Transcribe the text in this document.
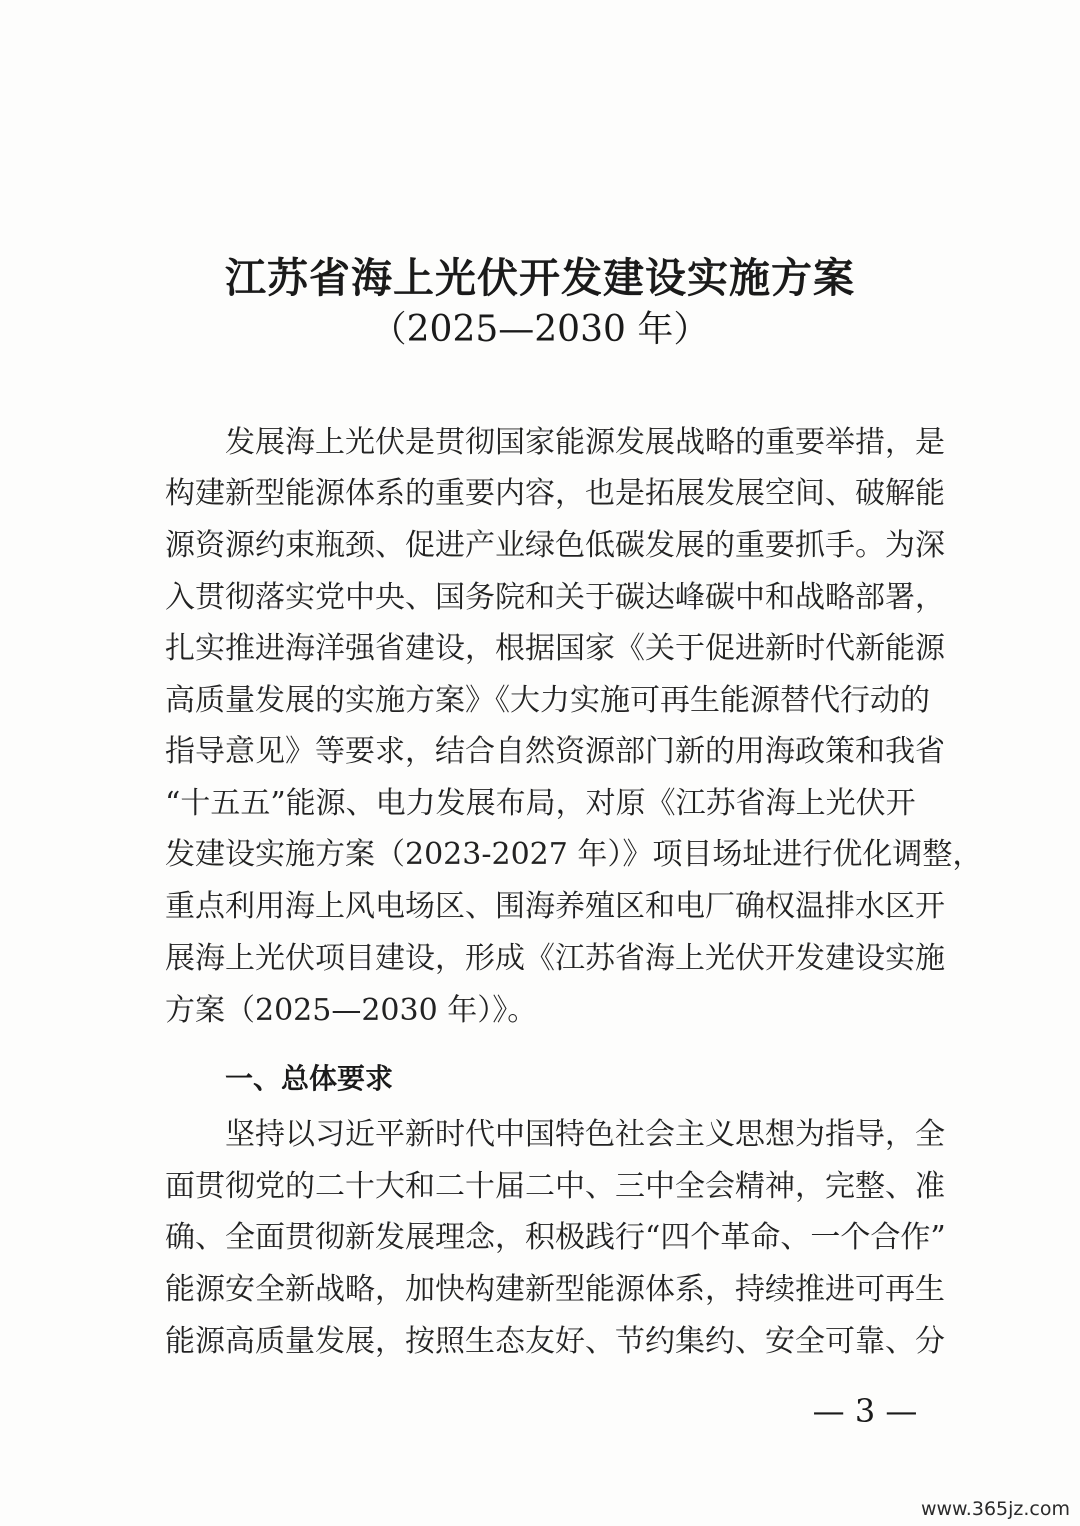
江苏省海上光伏开发建设实施方案
（2025—2030 年）
发展海上光伏是贯彻国家能源发展战略的重要举措，是
构建新型能源体系的重要内容，也是拓展发展空间、破解能
源资源约束瓶颈、促进产业绿色低碳发展的重要抓手。为深
入贯彻落实党中央、国务院和关于碳达峰碳中和战略部署，
扎实推进海洋强省建设，根据国家《关于促进新时代新能源
高质量发展的实施方案》《大力实施可再生能源替代行动的
指导意见》等要求，结合自然资源部门新的用海政策和我省
“十五五”能源、电力发展布局，对原《江苏省海上光伏开
发建设实施方案（2023-2027 年）》项目场址进行优化调整，
重点利用海上风电场区、围海养殖区和电厂确权温排水区开
展海上光伏项目建设，形成《江苏省海上光伏开发建设实施
方案（2025—2030 年）》。
一、总体要求
坚持以习近平新时代中国特色社会主义思想为指导，全
面贯彻党的二十大和二十届二中、三中全会精神，完整、准
确、全面贯彻新发展理念，积极践行“四个革命、一个合作”
能源安全新战略，加快构建新型能源体系，持续推进可再生
能源高质量发展，按照生态友好、节约集约、安全可靠、分
— 3 —
www.365jz.com
